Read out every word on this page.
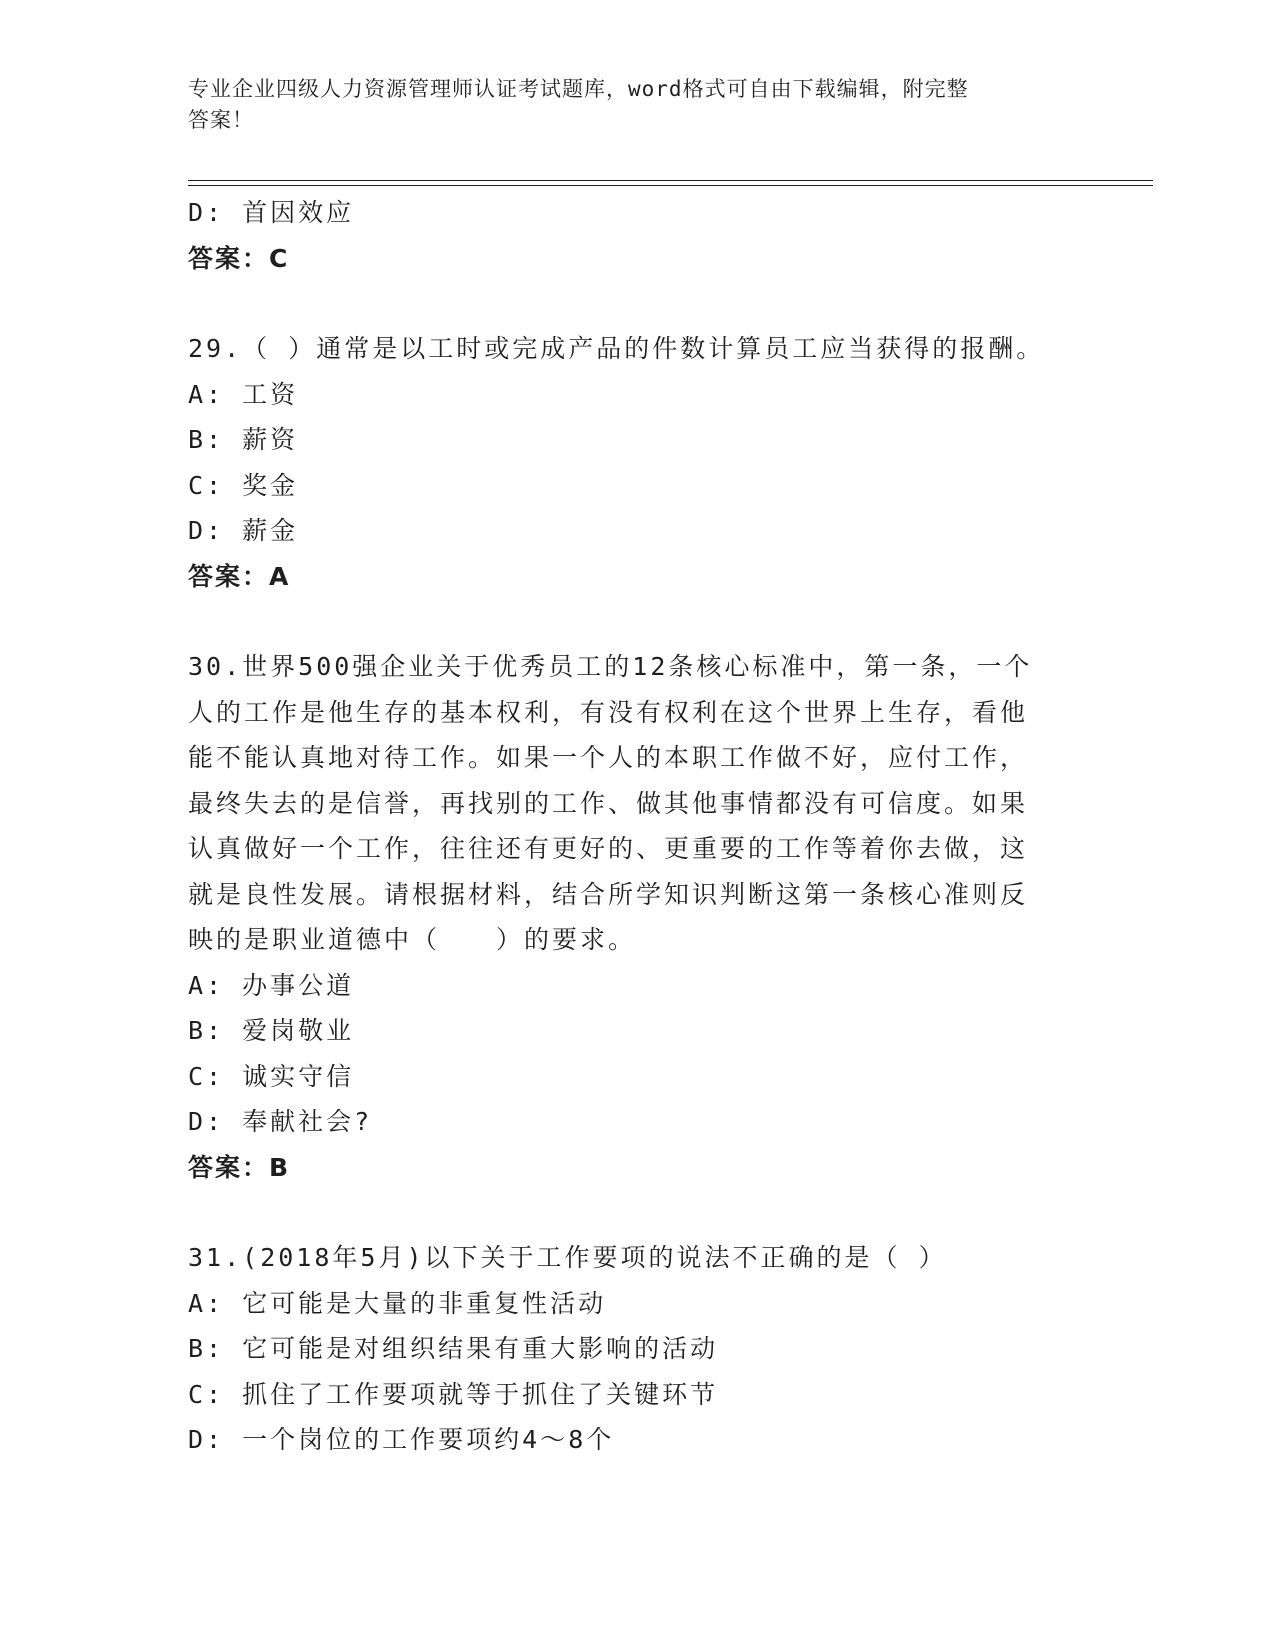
专业企业四级人力资源管理师认证考试题库，word格式可自由下载编辑，附完整
答案！
D: 首因效应
答案：C
29.（ ）通常是以工时或完成产品的件数计算员工应当获得的报酬。
A: 工资
B: 薪资
C: 奖金
D: 薪金
答案：A
30.世界500强企业关于优秀员工的12条核心标准中，第一条，一个
人的工作是他生存的基本权利，有没有权利在这个世界上生存，看他
能不能认真地对待工作。如果一个人的本职工作做不好，应付工作，
最终失去的是信誉，再找别的工作、做其他事情都没有可信度。如果
认真做好一个工作，往往还有更好的、更重要的工作等着你去做，这
就是良性发展。请根据材料，结合所学知识判断这第一条核心准则反
映的是职业道德中（　　）的要求。
A: 办事公道
B: 爱岗敬业
C: 诚实守信
D: 奉献社会?
答案：B
31.(2018年5月)以下关于工作要项的说法不正确的是（ ）
A: 它可能是大量的非重复性活动
B: 它可能是对组织结果有重大影响的活动
C: 抓住了工作要项就等于抓住了关键环节
D: 一个岗位的工作要项约4～8个
